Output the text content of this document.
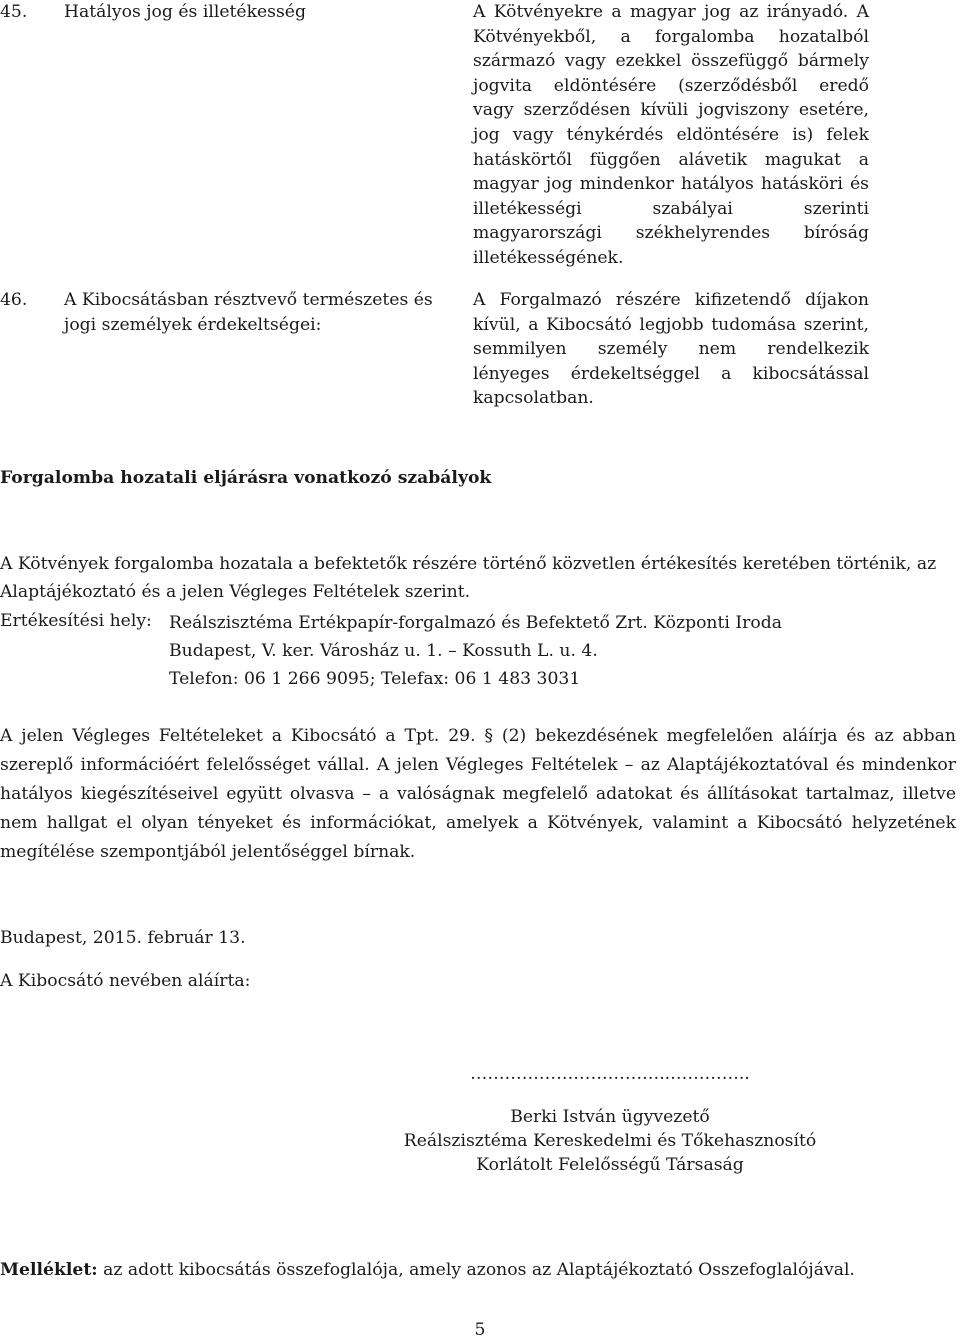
45. Hatályos jog és illetékesség	A Kötvényekre a magyar jog az irányadó. A
Kötvényekből, a forgalomba hozatalból
származó vagy ezekkel összefüggő bármely
jogvita eldöntésére (szerződésből eredő
vagy szerződésen kívüli jogviszony esetére,
jog vagy ténykérdés eldöntésére is) felek
hatáskörtől függően alávetik magukat a
magyar jog mindenkor hatályos hatásköri és
illetékességi szabályai szerinti
magyarországi székhelyrendes bíróság
illetékességének.
46. A Kibocsátásban résztvevő természetes és
jogi személyek érdekeltségei:
A Forgalmazó részére kifizetendő díjakon
kívül, a Kibocsátó legjobb tudomása szerint,
semmilyen személy nem rendelkezik
lényeges érdekeltséggel a kibocsátással
kapcsolatban.
Forgalomba hozatali eljárásra vonatkozó szabályok
A Kötvények forgalomba hozatala a befektetők részére történő közvetlen értékesítés keretében történik, az
Alaptájékoztató és a jelen Végleges Feltételek szerint.
Ertékesítési hely: Reálszisztéma Ertékpapír-forgalmazó és Befektető Zrt. Központi Iroda
Budapest, V. ker. Városház u. 1. – Kossuth L. u. 4.
Telefon: 06 1 266 9095; Telefax: 06 1 483 3031
A jelen Végleges Feltételeket a Kibocsátó a Tpt. 29. § (2) bekezdésének megfelelően aláírja és az abban
szereplő információért felelősséget vállal. A jelen Végleges Feltételek – az Alaptájékoztatóval és mindenkor
hatályos kiegészítéseivel együtt olvasva – a valóságnak megfelelő adatokat és állításokat tartalmaz, illetve
nem hallgat el olyan tényeket és információkat, amelyek a Kötvények, valamint a Kibocsátó helyzetének
megítélése szempontjából jelentőséggel bírnak.
Budapest, 2015. február 13.
A Kibocsátó nevében aláírta:
……………………………..…………..
Berki István ügyvezető
Reálszisztéma Kereskedelmi és Tőkehasznosító
Korlátolt Felelősségű Társaság
Melléklet: az adott kibocsátás összefoglalója, amely azonos az Alaptájékoztató Osszefoglalójával.
5
